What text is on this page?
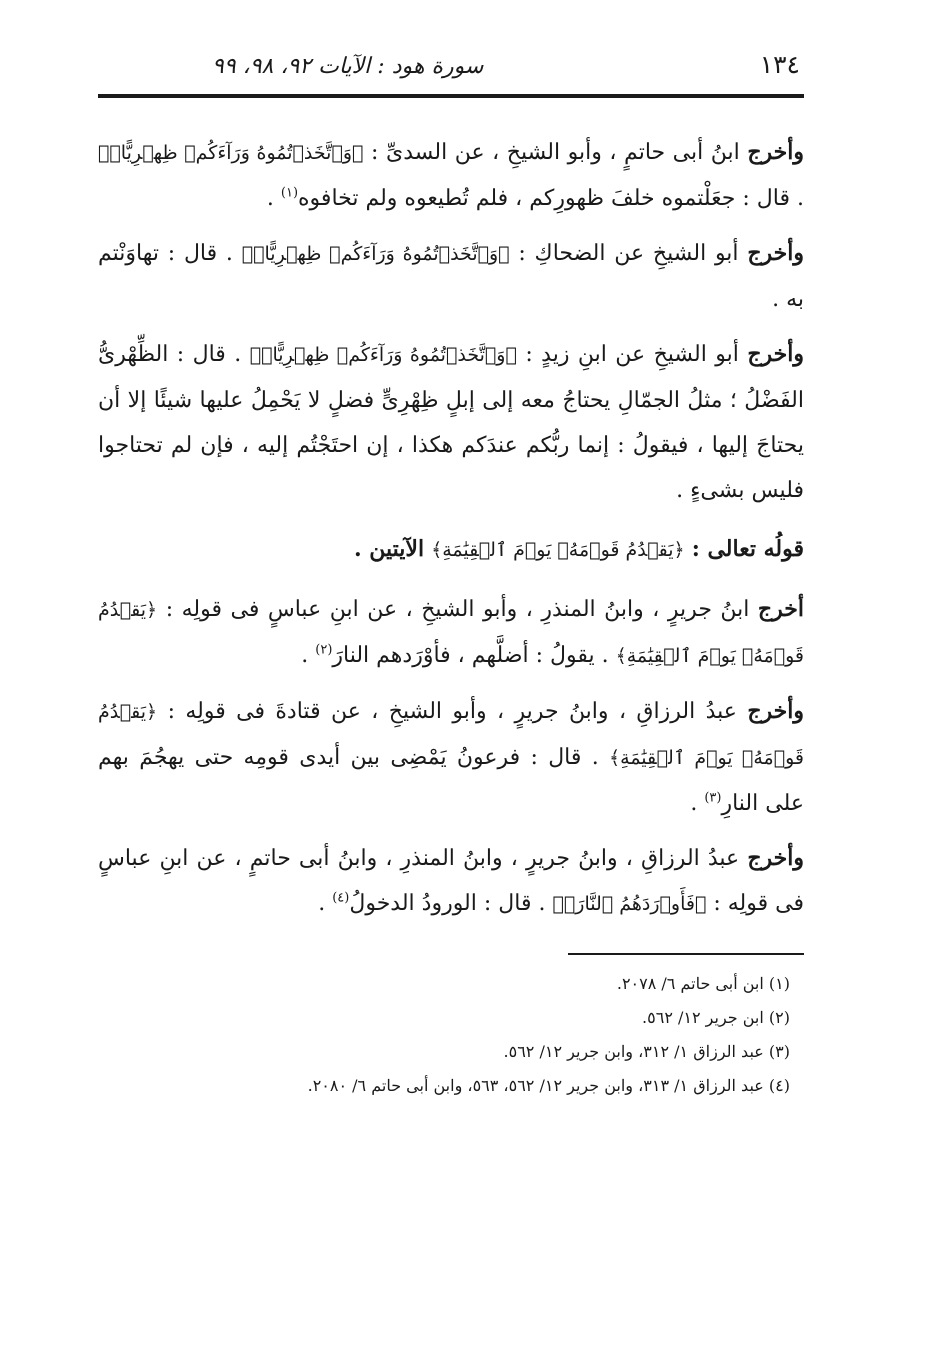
١٣٤
سورة هود : الآيات ٩٢، ٩٨، ٩٩

وأخرج ابنُ أبى حاتمٍ ، وأبو الشيخِ ، عن السدىِّ : ﴿وَٱتَّخَذۡتُمُوهُ وَرَآءَكُمۡ ظِهۡرِيًّاۖ﴾ . قال : جعَلْتموه خلفَ ظهورِكم ، فلم تُطيعوه ولم تخافوه$^{(١)}$ .

وأخرج أبو الشيخِ عن الضحاكِ : ﴿وَٱتَّخَذۡتُمُوهُ وَرَآءَكُمۡ ظِهۡرِيًّاۖ﴾ . قال : تهاوَنْتم به .

وأخرج أبو الشيخِ عن ابنِ زيدٍ : ﴿وَٱتَّخَذۡتُمُوهُ وَرَآءَكُمۡ ظِهۡرِيًّاۖ﴾ . قال : الظِّهْرىُّ الفَضْلُ ؛ مثلُ الجمّالِ يحتاجُ معه إلى إبلٍ ظِهْرِىٍّ فضلٍ لا يَحْمِلُ عليها شيئًا إلا أن يحتاجَ إليها ، فيقولُ : إنما ربُّكم عندَكم هكذا ، إن احتَجْتُم إليه ، فإن لم تحتاجوا فليس بشىءٍ .

قولُه تعالى : ﴿يَقۡدُمُ قَوۡمَهُۥ يَوۡمَ ٱلۡقِيَٰمَةِ﴾ الآيتين .

أخرج ابنُ جريرٍ ، وابنُ المنذرِ ، وأبو الشيخِ ، عن ابنِ عباسٍ فى قولِه : ﴿يَقۡدُمُ قَوۡمَهُۥ يَوۡمَ ٱلۡقِيَٰمَةِ﴾ . يقولُ : أضلَّهم ، فأوْرَدهم النارَ$^{(٢)}$ .

وأخرج عبدُ الرزاقِ ، وابنُ جريرٍ ، وأبو الشيخِ ، عن قتادةَ فى قولِه : ﴿يَقۡدُمُ قَوۡمَهُۥ يَوۡمَ ٱلۡقِيَٰمَةِ﴾ . قال : فرعونُ يَمْضِى بين أيدى قومِه حتى يهجُمَ بهم على النارِ$^{(٣)}$ .

وأخرج عبدُ الرزاقِ ، وابنُ جريرٍ ، وابنُ المنذرِ ، وابنُ أبى حاتمٍ ، عن ابنِ عباسٍ فى قولِه : ﴿فَأَوۡرَدَهُمُ ٱلنَّارَۖ﴾ . قال : الورودُ الدخولُ$^{(٤)}$ .

(١) ابن أبى حاتم ٦/ ٢٠٧٨.

(٢) ابن جرير ١٢/ ٥٦٢.

(٣) عبد الرزاق ١/ ٣١٢، وابن جرير ١٢/ ٥٦٢.

(٤) عبد الرزاق ١/ ٣١٣، وابن جرير ١٢/ ٥٦٢، ٥٦٣، وابن أبى حاتم ٦/ ٢٠٨٠.
